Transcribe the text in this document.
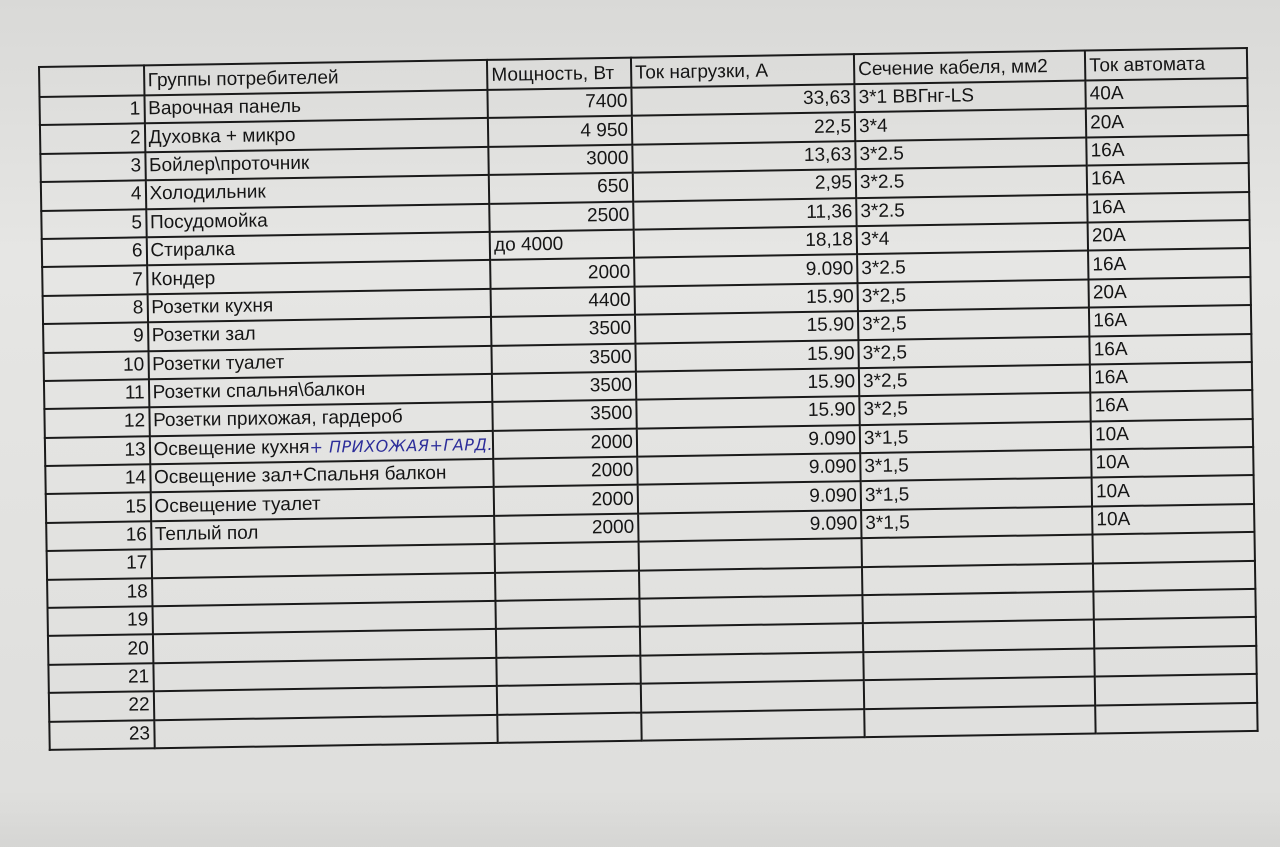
	Группы потребителей	Мощность, Вт	Ток нагрузки, А	Сечение кабеля, мм2	Ток автомата
1	Варочная панель	7400	33,63	3*1 ВВГнг-LS	40А
2	Духовка + микро	4 950	22,5	3*4	20А
3	Бойлер\проточник	3000	13,63	3*2.5	16А
4	Холодильник	650	2,95	3*2.5	16А
5	Посудомойка	2500	11,36	3*2.5	16А
6	Стиралка	до 4000	18,18	3*4	20А
7	Кондер	2000	9.090	3*2.5	16А
8	Розетки кухня	4400	15.90	3*2,5	20А
9	Розетки зал	3500	15.90	3*2,5	16А
10	Розетки туалет	3500	15.90	3*2,5	16А
11	Розетки спальня\балкон	3500	15.90	3*2,5	16А
12	Розетки прихожая, гардероб	3500	15.90	3*2,5	16А
13	Освещение кухня+ ПРИХОЖАЯ+ГАРД.	2000	9.090	3*1,5	10А
14	Освещение зал+Спальня балкон	2000	9.090	3*1,5	10А
15	Освещение туалет	2000	9.090	3*1,5	10А
16	Теплый пол	2000	9.090	3*1,5	10А
17					
18					
19					
20					
21					
22					
23					
